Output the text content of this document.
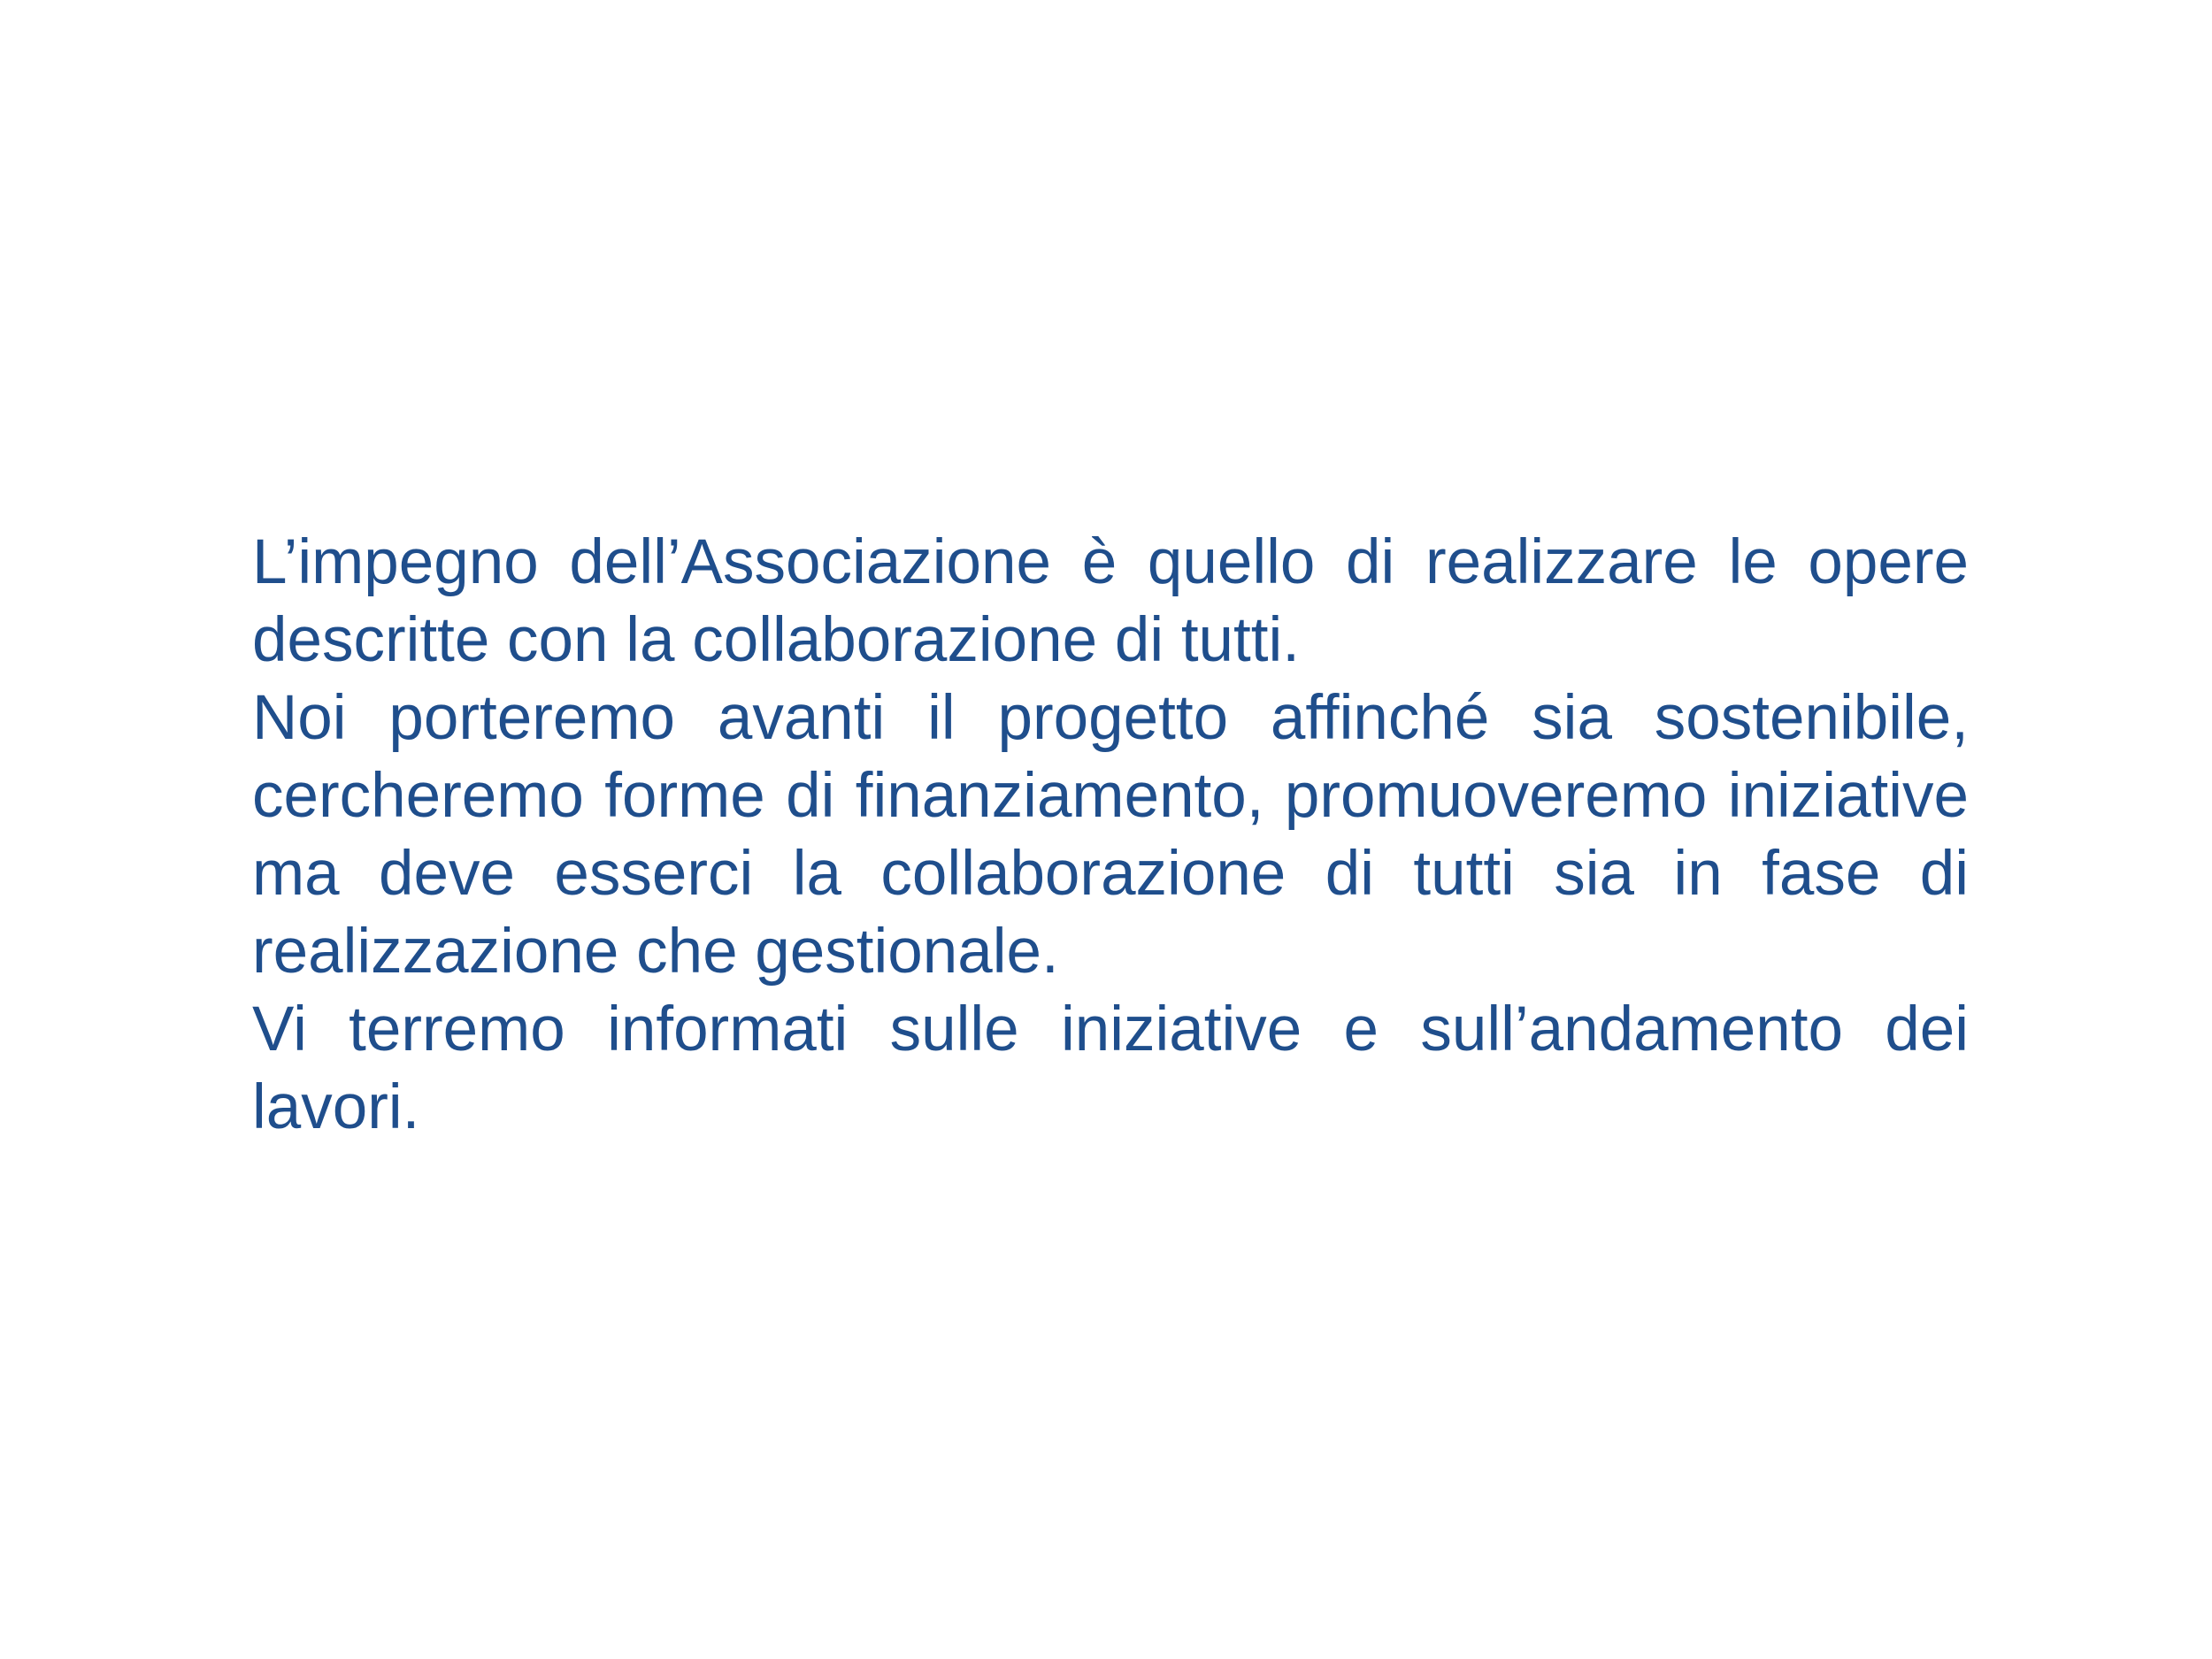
L’impegno dell’Associazione è quello di realizzare le opere descritte con la collaborazione di tutti.

Noi porteremo avanti il progetto affinché sia sostenibile, cercheremo forme di finanziamento, promuoveremo iniziative ma deve esserci la collaborazione di tutti sia in fase di realizzazione che gestionale.

Vi terremo informati sulle iniziative e sull’andamento dei lavori.
